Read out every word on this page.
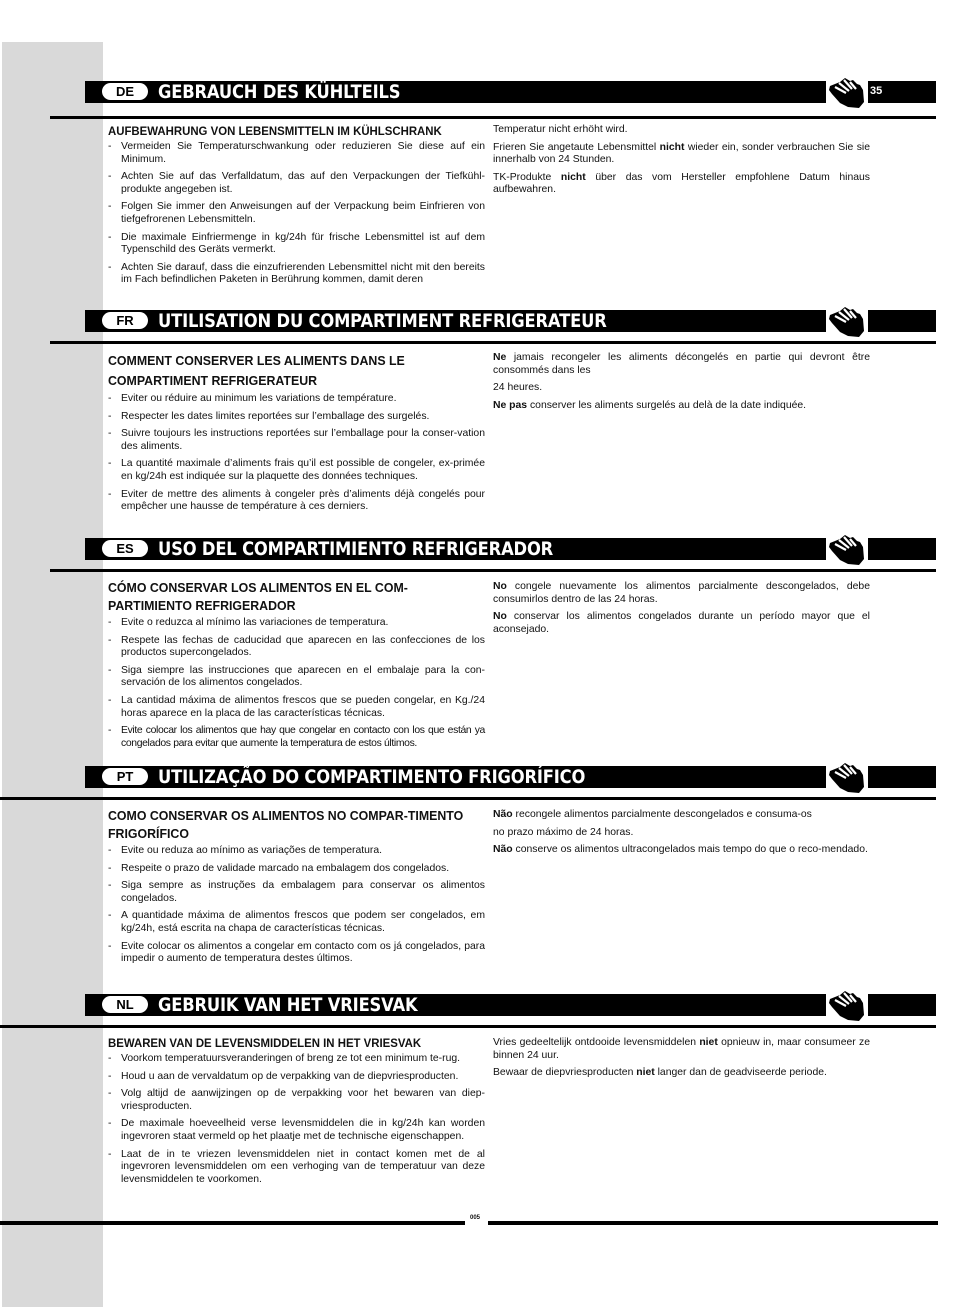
DE	GEBRAUCH DES KÜHLTEILS	35
AUFBEWAHRUNG VON LEBENSMITTELN IM KÜHLSCHRANK
- Vermeiden Sie Temperaturschwankung oder reduzieren Sie diese auf ein Minimum.
- Achten Sie auf das Verfalldatum, das auf den Verpackungen der Tiefkühl-produkte angegeben ist.
- Folgen Sie immer den Anweisungen auf der Verpackung beim Einfrieren von tiefgefrorenen Lebensmitteln.
- Die maximale Einfriermenge in kg/24h für frische Lebensmittel ist auf dem Typenschild des Geräts vermerkt.
- Achten Sie darauf, dass die einzufrierenden Lebensmittel nicht mit den bereits im Fach befindlichen Paketen in Berührung kommen, damit deren
Temperatur nicht erhöht wird.
Frieren Sie angetaute Lebensmittel nicht wieder ein, sonder verbrauchen Sie sie innerhalb von 24 Stunden.
TK-Produkte nicht über das vom Hersteller empfohlene Datum hinaus aufbewahren.
FR	UTILISATION DU COMPARTIMENT REFRIGERATEUR
COMMENT CONSERVER LES ALIMENTS DANS LE COMPARTIMENT REFRIGERATEUR
- Eviter ou réduire au minimum les variations de température.
- Respecter les dates limites reportées sur l’emballage des surgelés.
- Suivre toujours les instructions reportées sur l’emballage pour la conser-vation des aliments.
- La quantité maximale d’aliments frais qu’il est possible de congeler, ex-primée en kg/24h est indiquée sur la plaquette des données techniques.
- Eviter de mettre des aliments à congeler près d’aliments déjà congelés pour empêcher une hausse de température à ces derniers.
Ne jamais recongeler les aliments décongelés en partie qui devront être consommés dans les
24 heures.
Ne pas conserver les aliments surgelés au delà de la date indiquée.
ES	USO DEL COMPARTIMIENTO REFRIGERADOR
CÓMO CONSERVAR LOS ALIMENTOS EN EL COM-PARTIMIENTO REFRIGERADOR
- Evite o reduzca al mínimo las variaciones de temperatura.
- Respete las fechas de caducidad que aparecen en las confecciones de los productos supercongelados.
- Siga siempre las instrucciones que aparecen en el embalaje para la con-servación de los alimentos congelados.
- La cantidad máxima de alimentos frescos que se pueden congelar, en Kg./24 horas aparece en la placa de las características técnicas.
- Evite colocar los alimentos que hay que congelar en contacto con los que están ya congelados para evitar que aumente la temperatura de estos últimos.
No congele nuevamente los alimentos parcialmente descongelados, debe consumirlos dentro de las 24 horas.
No conservar los alimentos congelados durante un período mayor que el aconsejado.
PT	UTILIZAÇÃO DO COMPARTIMENTO FRIGORÍFICO
COMO CONSERVAR OS ALIMENTOS NO COMPAR-TIMENTO FRIGORÍFICO
- Evite ou reduza ao mínimo as variações de temperatura.
- Respeite o prazo de validade marcado na embalagem dos congelados.
- Siga sempre as instruções da embalagem para conservar os alimentos congelados.
- A quantidade máxima de alimentos frescos que podem ser congelados, em kg/24h, está escrita na chapa de características técnicas.
- Evite colocar os alimentos a congelar em contacto com os já congelados, para impedir o aumento de temperatura destes últimos.
Não recongele alimentos parcialmente descongelados e consuma-os
no prazo máximo de 24 horas.
Não conserve os alimentos ultracongelados mais tempo do que o reco-mendado.
NL	GEBRUIK VAN HET VRIESVAK
BEWAREN VAN DE LEVENSMIDDELEN IN HET VRIESVAK
- Voorkom temperatuursveranderingen of breng ze tot een minimum te-rug.
- Houd u aan de vervaldatum op de verpakking van de diepvriesproducten.
- Volg altijd de aanwijzingen op de verpakking voor het bewaren van diep-vriesproducten.
- De maximale hoeveelheid verse levensmiddelen die in kg/24h kan worden ingevroren staat vermeld op het plaatje met de technische eigenschappen.
- Laat de in te vriezen levensmiddelen niet in contact komen met de al ingevroren levensmiddelen om een verhoging van de temperatuur van deze levensmiddelen te voorkomen.
Vries gedeeltelijk ontdooide levensmiddelen niet opnieuw in, maar consumeer ze binnen 24 uur.
Bewaar de diepvriesproducten niet langer dan de geadviseerde periode.
005
